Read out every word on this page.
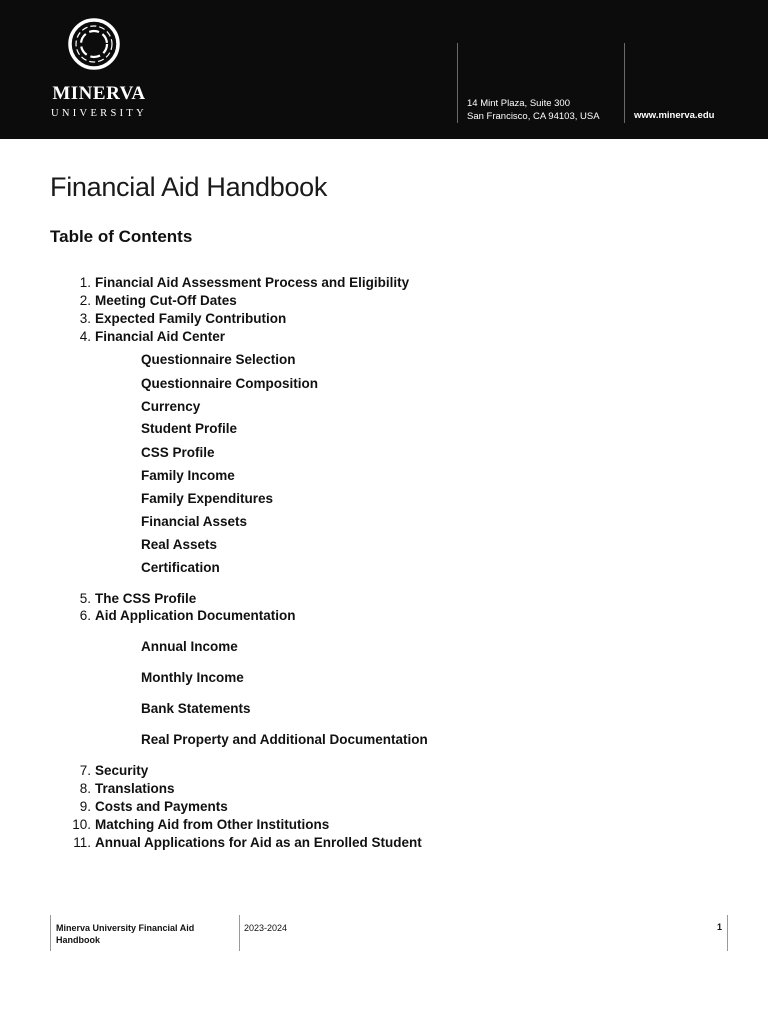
MINERVA
UNIVERSITY
14 Mint Plaza, Suite 300
San Francisco, CA 94103, USA	www.minerva.edu
Financial Aid Handbook
Table of Contents
1. Financial Aid Assessment Process and Eligibility
2. Meeting Cut-Off Dates
3. Expected Family Contribution
4. Financial Aid Center
Questionnaire Selection
Questionnaire Composition
Currency
Student Profile
CSS Profile
Family Income
Family Expenditures
Financial Assets
Real Assets
Certification
5. The CSS Profile
6. Aid Application Documentation
Annual Income
Monthly Income
Bank Statements
Real Property and Additional Documentation
7. Security
8. Translations
9. Costs and Payments
10. Matching Aid from Other Institutions
11. Annual Applications for Aid as an Enrolled Student
Minerva University Financial Aid Handbook
2023-2024	1
